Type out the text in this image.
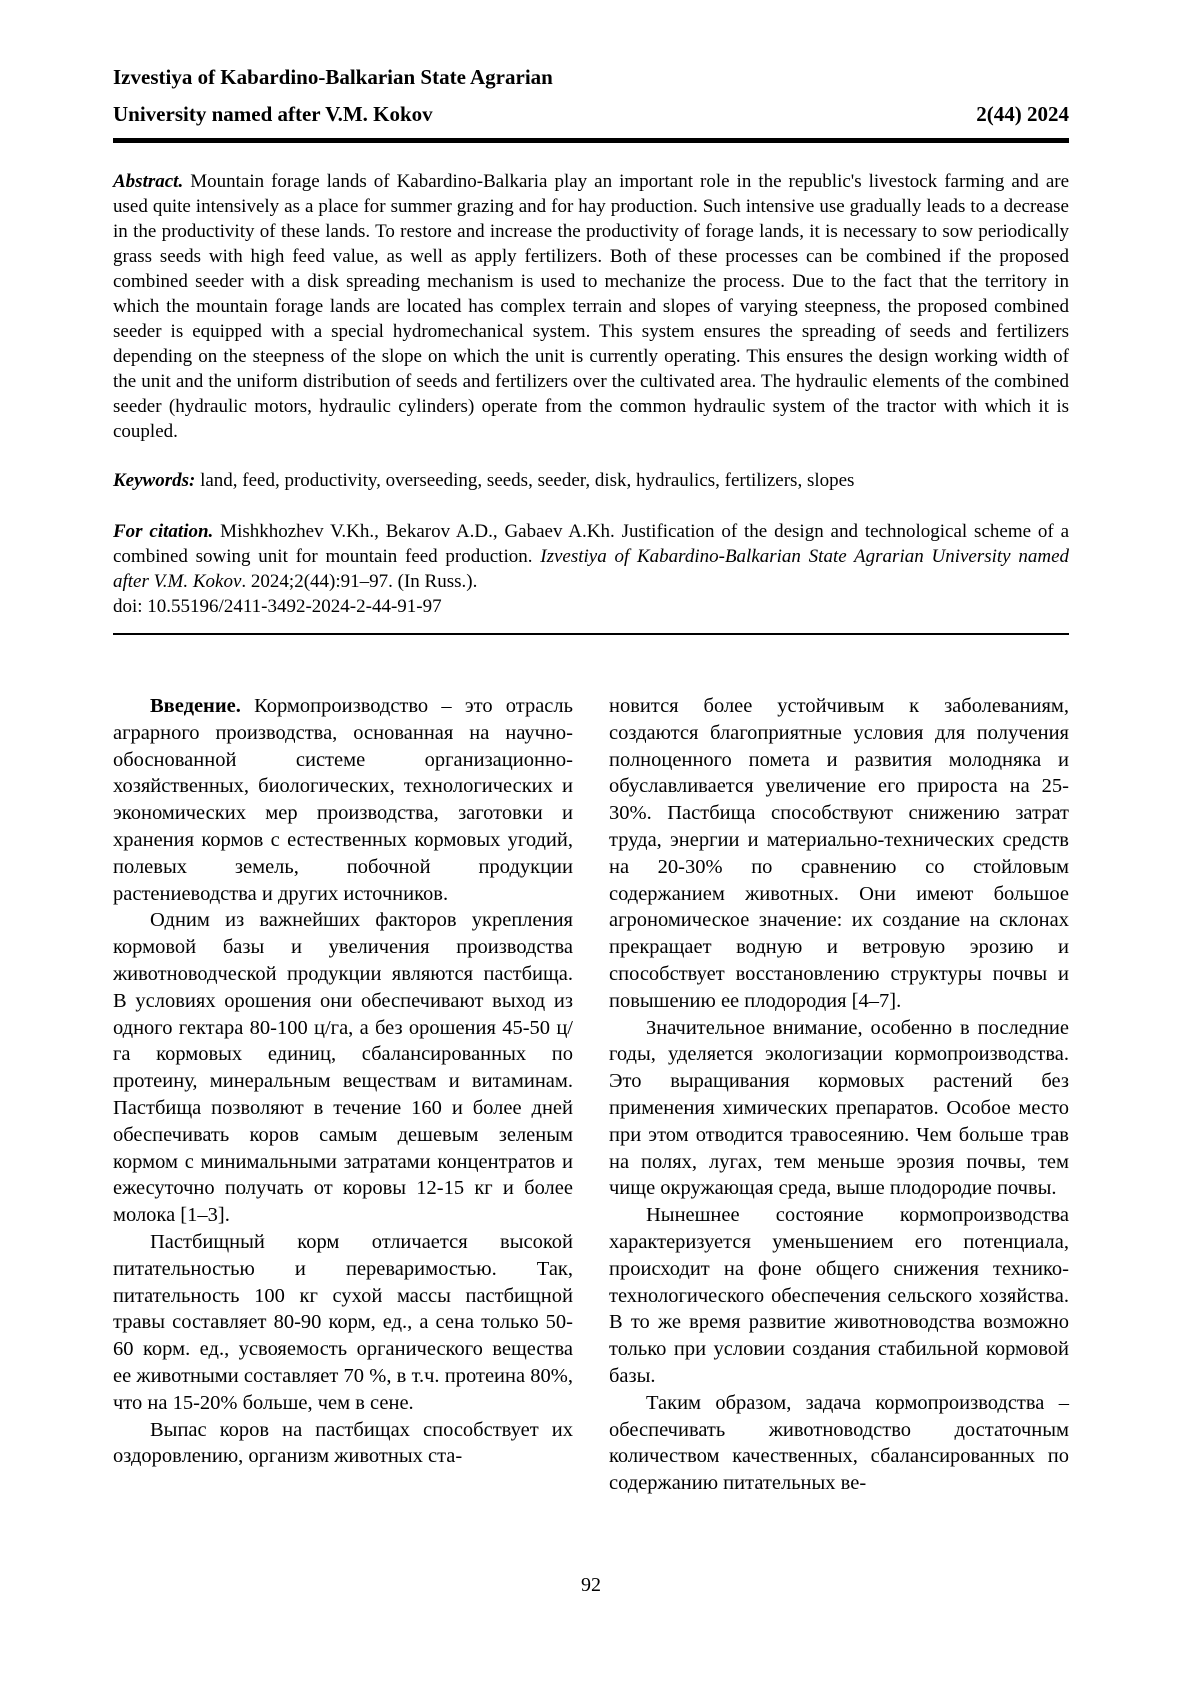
Izvestiya of Kabardino-Balkarian State Agrarian
University named after V.M. Kokov	2(44) 2024

Abstract. Mountain forage lands of Kabardino-Balkaria play an important role in the republic's livestock farming and are used quite intensively as a place for summer grazing and for hay production. Such intensive use gradually leads to a decrease in the productivity of these lands. To restore and increase the productivity of forage lands, it is necessary to sow periodically grass seeds with high feed value, as well as apply fertilizers. Both of these processes can be combined if the proposed combined seeder with a disk spreading mechanism is used to mechanize the process. Due to the fact that the territory in which the mountain forage lands are located has complex terrain and slopes of varying steepness, the proposed combined seeder is equipped with a special hydromechanical system. This system ensures the spreading of seeds and fertilizers depending on the steepness of the slope on which the unit is currently operating. This ensures the design working width of the unit and the uniform distribution of seeds and fertilizers over the cultivated area. The hydraulic elements of the combined seeder (hydraulic motors, hydraulic cylinders) operate from the common hydraulic system of the tractor with which it is coupled.

Keywords: land, feed, productivity, overseeding, seeds, seeder, disk, hydraulics, fertilizers, slopes

For citation. Mishkhozhev V.Kh., Bekarov A.D., Gabaev A.Kh. Justification of the design and technological scheme of a combined sowing unit for mountain feed production. Izvestiya of Kabardino-Balkarian State Agrarian University named after V.M. Kokov. 2024;2(44):91–97. (In Russ.).

doi: 10.55196/2411-3492-2024-2-44-91-97

Введение. Кормопроизводство – это отрасль аграрного производства, основанная на научно-обоснованной системе организационно-хозяйственных, биологических, технологических и экономических мер производства, заготовки и хранения кормов с естественных кормовых угодий, полевых земель, побочной продукции растениеводства и других источников.

Одним из важнейших факторов укрепления кормовой базы и увеличения производства животноводческой продукции являются пастбища. В условиях орошения они обеспечивают выход из одного гектара 80-100 ц/га, а без орошения 45-50 ц/га кормовых единиц, сбалансированных по протеину, минеральным веществам и витаминам. Пастбища позволяют в течение 160 и более дней обеспечивать коров самым дешевым зеленым кормом с минимальными затратами концентратов и ежесуточно получать от коровы 12-15 кг и более молока [1–3].

Пастбищный корм отличается высокой питательностью и переваримостью. Так, питательность 100 кг сухой массы пастбищной травы составляет 80-90 корм, ед., а сена только 50-60 корм. ед., усвояемость органического вещества ее животными составляет 70 %, в т.ч. протеина 80%, что на 15-20% больше, чем в сене.

Выпас коров на пастбищах способствует их оздоровлению, организм животных ста-

новится более устойчивым к заболеваниям, создаются благоприятные условия для получения полноценного помета и развития молодняка и обуславливается увеличение его прироста на 25-30%. Пастбища способствуют снижению затрат труда, энергии и материально-технических средств на 20-30% по сравнению со стойловым содержанием животных. Они имеют большое агрономическое значение: их создание на склонах прекращает водную и ветровую эрозию и способствует восстановлению структуры почвы и повышению ее плодородия [4–7].

Значительное внимание, особенно в последние годы, уделяется экологизации кормопроизводства. Это выращивания кормовых растений без применения химических препаратов. Особое место при этом отводится травосеянию. Чем больше трав на полях, лугах, тем меньше эрозия почвы, тем чище окружающая среда, выше плодородие почвы.

Нынешнее состояние кормопроизводства характеризуется уменьшением его потенциала, происходит на фоне общего снижения технико-технологического обеспечения сельского хозяйства. В то же время развитие животноводства возможно только при условии создания стабильной кормовой базы.

Таким образом, задача кормопроизводства – обеспечивать животноводство достаточным количеством качественных, сбалансированных по содержанию питательных ве-

92
